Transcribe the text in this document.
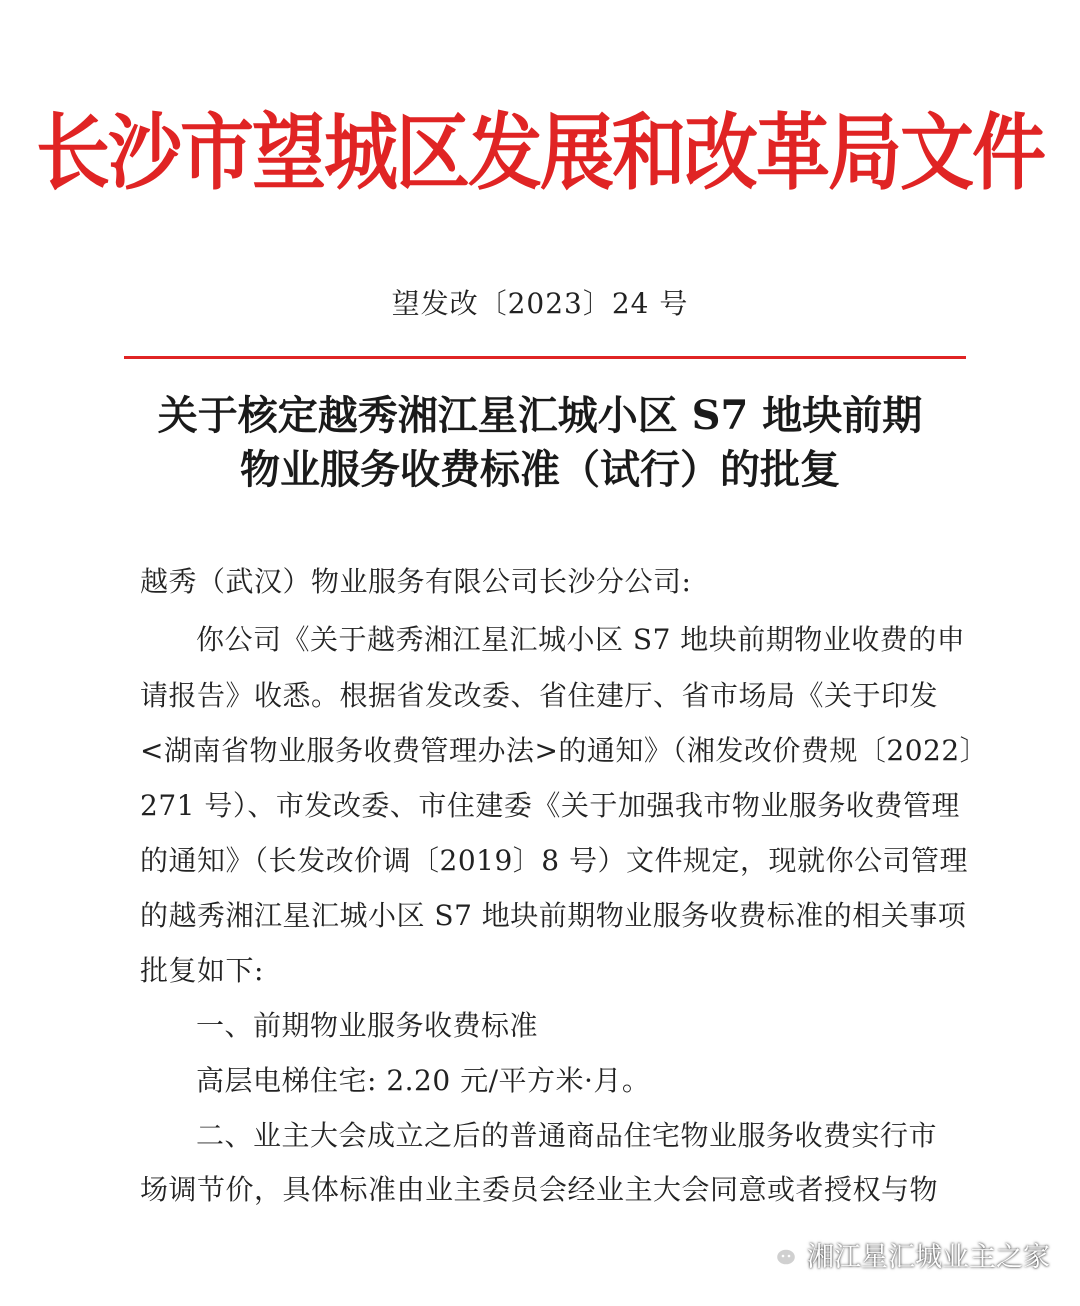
长沙市望城区发展和改革局文件
望发改〔2023〕24 号
关于核定越秀湘江星汇城小区 S7 地块前期
物业服务收费标准（试行）的批复
越秀（武汉）物业服务有限公司长沙分公司:
你公司《关于越秀湘江星汇城小区 S7 地块前期物业收费的申
请报告》收悉。根据省发改委、省住建厅、省市场局《关于印发
<湖南省物业服务收费管理办法>的通知》（湘发改价费规〔2022〕
271 号）、市发改委、市住建委《关于加强我市物业服务收费管理
的通知》（长发改价调〔2019〕8 号）文件规定，现就你公司管理
的越秀湘江星汇城小区 S7 地块前期物业服务收费标准的相关事项
批复如下:
一、前期物业服务收费标准
高层电梯住宅: 2.20 元/平方米·月。
二、业主大会成立之后的普通商品住宅物业服务收费实行市
场调节价，具体标准由业主委员会经业主大会同意或者授权与物
湘江星汇城业主之家
